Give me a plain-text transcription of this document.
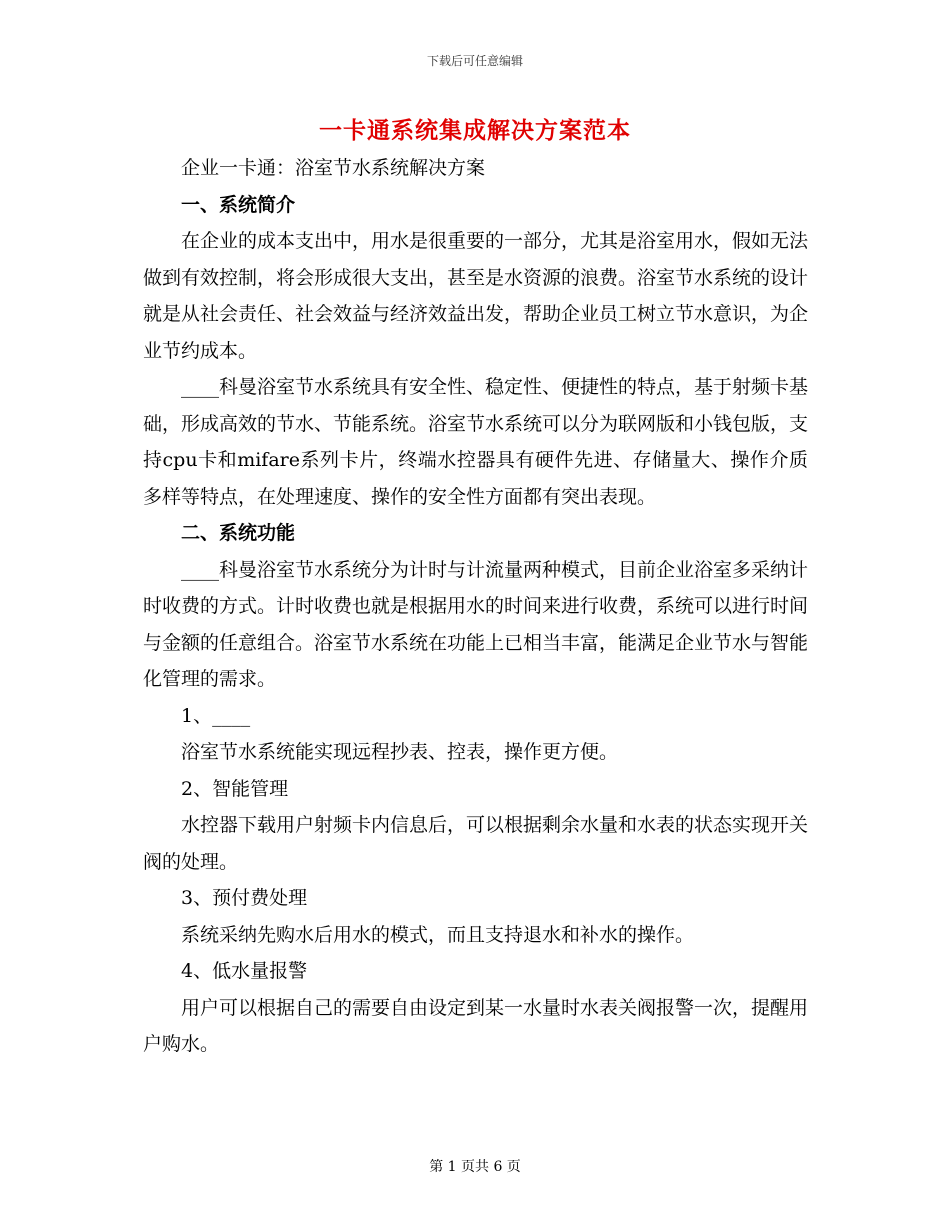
下载后可任意编辑
一卡通系统集成解决方案范本

企业一卡通：浴室节水系统解决方案

一、系统简介

在企业的成本支出中，用水是很重要的一部分，尤其是浴室用水，假如无法做到有效控制，将会形成很大支出，甚至是水资源的浪费。浴室节水系统的设计就是从社会责任、社会效益与经济效益出发，帮助企业员工树立节水意识，为企业节约成本。

____科曼浴室节水系统具有安全性、稳定性、便捷性的特点，基于射频卡基础，形成高效的节水、节能系统。浴室节水系统可以分为联网版和小钱包版，支持cpu卡和mifare系列卡片，终端水控器具有硬件先进、存储量大、操作介质多样等特点，在处理速度、操作的安全性方面都有突出表现。

二、系统功能

____科曼浴室节水系统分为计时与计流量两种模式，目前企业浴室多采纳计时收费的方式。计时收费也就是根据用水的时间来进行收费，系统可以进行时间与金额的任意组合。浴室节水系统在功能上已相当丰富，能满足企业节水与智能化管理的需求。

1、____

浴室节水系统能实现远程抄表、控表，操作更方便。

2、智能管理

水控器下载用户射频卡内信息后，可以根据剩余水量和水表的状态实现开关阀的处理。

3、预付费处理

系统采纳先购水后用水的模式，而且支持退水和补水的操作。

4、低水量报警

用户可以根据自己的需要自由设定到某一水量时水表关阀报警一次，提醒用户购水。

第 1 页共 6 页
